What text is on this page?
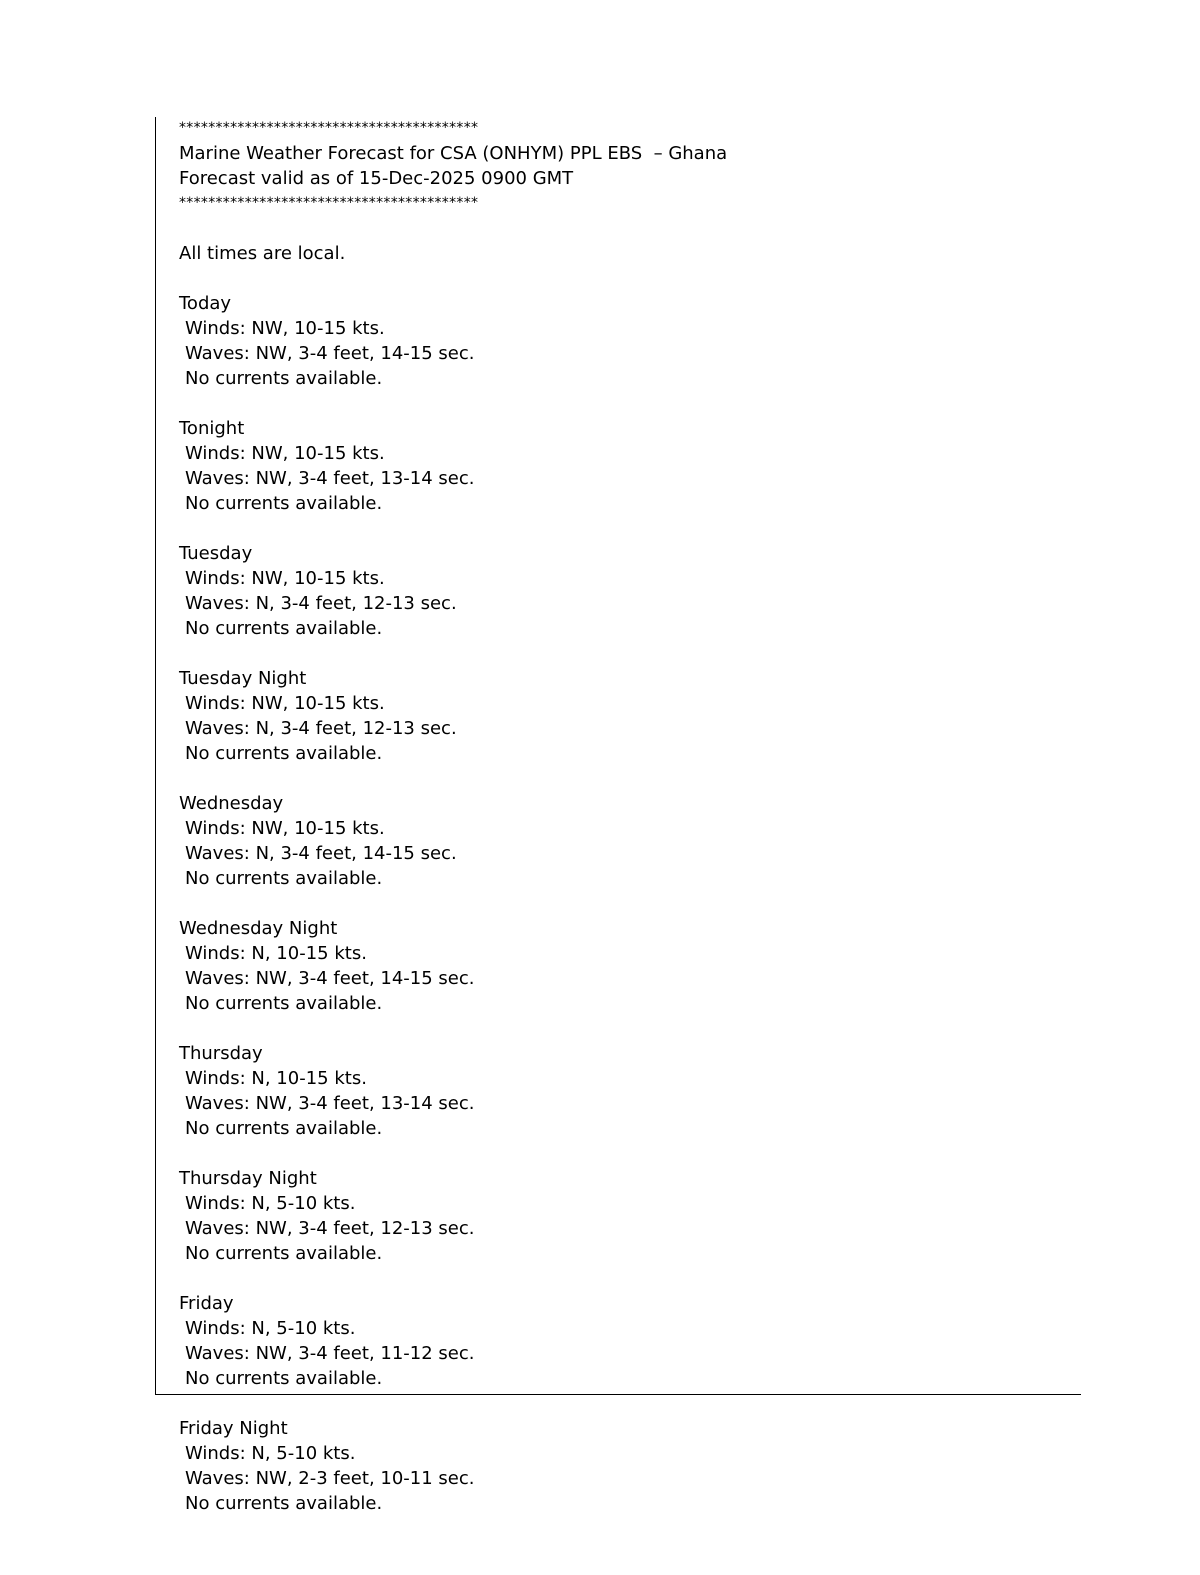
*****************************************
Marine Weather Forecast for CSA (ONHYM) PPL EBS  – Ghana
Forecast valid as of 15-Dec-2025 0900 GMT
*****************************************
All times are local.
Today
Winds: NW, 10-15 kts.
Waves: NW, 3-4 feet, 14-15 sec.
No currents available.
Tonight
Winds: NW, 10-15 kts.
Waves: NW, 3-4 feet, 13-14 sec.
No currents available.
Tuesday
Winds: NW, 10-15 kts.
Waves: N, 3-4 feet, 12-13 sec.
No currents available.
Tuesday Night
Winds: NW, 10-15 kts.
Waves: N, 3-4 feet, 12-13 sec.
No currents available.
Wednesday
Winds: NW, 10-15 kts.
Waves: N, 3-4 feet, 14-15 sec.
No currents available.
Wednesday Night
Winds: N, 10-15 kts.
Waves: NW, 3-4 feet, 14-15 sec.
No currents available.
Thursday
Winds: N, 10-15 kts.
Waves: NW, 3-4 feet, 13-14 sec.
No currents available.
Thursday Night
Winds: N, 5-10 kts.
Waves: NW, 3-4 feet, 12-13 sec.
No currents available.
Friday
Winds: N, 5-10 kts.
Waves: NW, 3-4 feet, 11-12 sec.
No currents available.
Friday Night
Winds: N, 5-10 kts.
Waves: NW, 2-3 feet, 10-11 sec.
No currents available.
